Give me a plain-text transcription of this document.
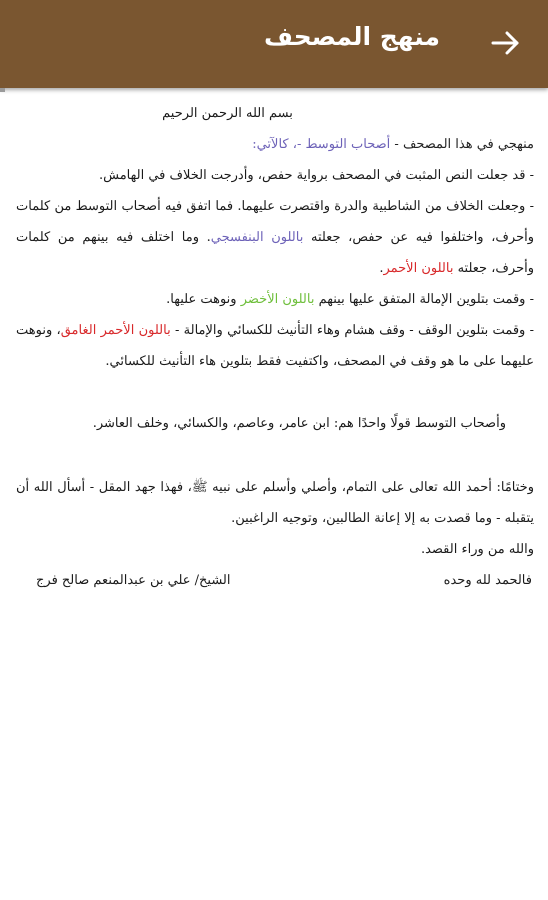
منهج المصحف

بسم الله الرحمن الرحيم

منهجي في هذا المصحف - أصحاب التوسط -، كالآتي:

- قد جعلت النص المثبت في المصحف برواية حفص، وأدرجت الخلاف في الهامش.

- وجعلت الخلاف من الشاطبية والدرة واقتصرت عليهما. فما اتفق فيه أصحاب التوسط من كلمات وأحرف، واختلفوا فيه عن حفص، جعلته باللون البنفسجي. وما اختلف فيه بينهم من كلمات وأحرف، جعلته باللون الأحمر.

- وقمت بتلوين الإمالة المتفق عليها بينهم باللون الأخضر ونوهت عليها.

- وقمت بتلوين الوقف - وقف هشام وهاء التأنيث للكسائي والإمالة - باللون الأحمر الغامق، ونوهت عليهما على ما هو وقف في المصحف، واكتفيت فقط بتلوين هاء التأنيث للكسائي.

وأصحاب التوسط قولًا واحدًا هم: ابن عامر، وعاصم، والكسائي، وخلف العاشر.

وختامًا: أحمد الله تعالى على التمام، وأصلي وأسلم على نبيه ﷺ، فهذا جهد المقل - أسأل الله أن يتقبله - وما قصدت به إلا إعانة الطالبين، وتوجيه الراغبين.

والله من وراء القصد.

فالحمد لله وحده
الشيخ/ علي بن عبدالمنعم صالح فرج
